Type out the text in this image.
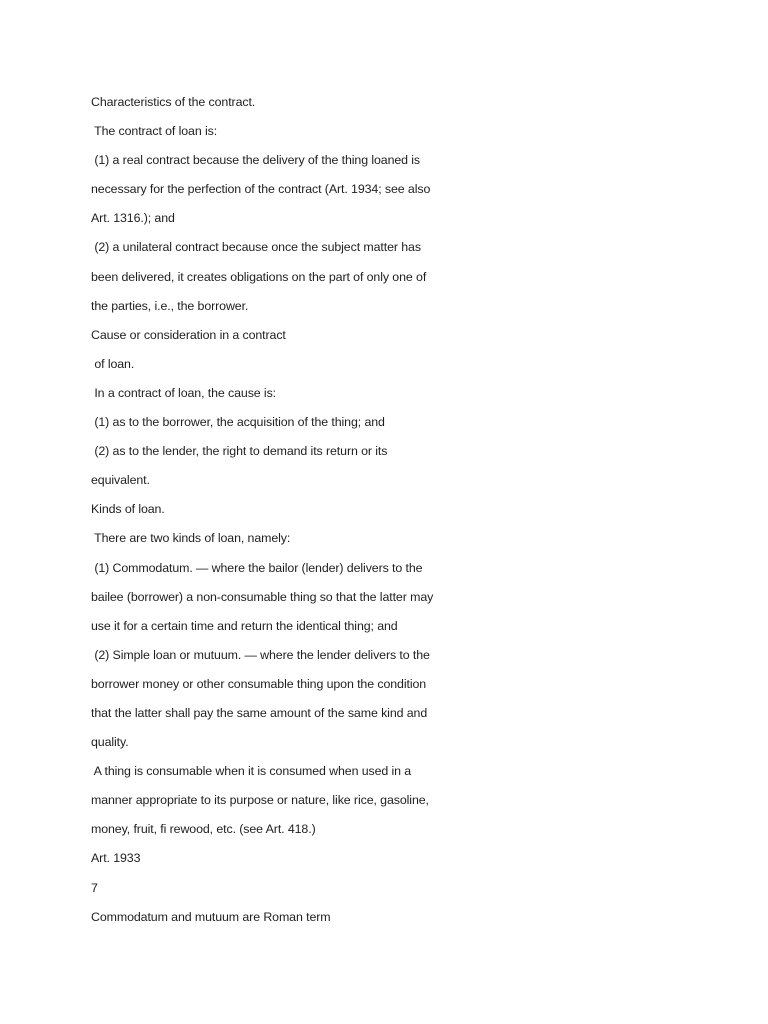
Characteristics of the contract.
The contract of loan is:
(1) a real contract because the delivery of the thing loaned is
necessary for the perfection of the contract (Art. 1934; see also
Art. 1316.); and
(2) a unilateral contract because once the subject matter has
been delivered, it creates obligations on the part of only one of
the parties, i.e., the borrower.
Cause or consideration in a contract
of loan.
In a contract of loan, the cause is:
(1) as to the borrower, the acquisition of the thing; and
(2) as to the lender, the right to demand its return or its
equivalent.
Kinds of loan.
There are two kinds of loan, namely:
(1) Commodatum. — where the bailor (lender) delivers to the
bailee (borrower) a non-consumable thing so that the latter may
use it for a certain time and return the identical thing; and
(2) Simple loan or mutuum. — where the lender delivers to the
borrower money or other consumable thing upon the condition
that the latter shall pay the same amount of the same kind and
quality.
A thing is consumable when it is consumed when used in a
manner appropriate to its purpose or nature, like rice, gasoline,
money, fruit, fi rewood, etc. (see Art. 418.)
Art. 1933
7
Commodatum and mutuum are Roman term
